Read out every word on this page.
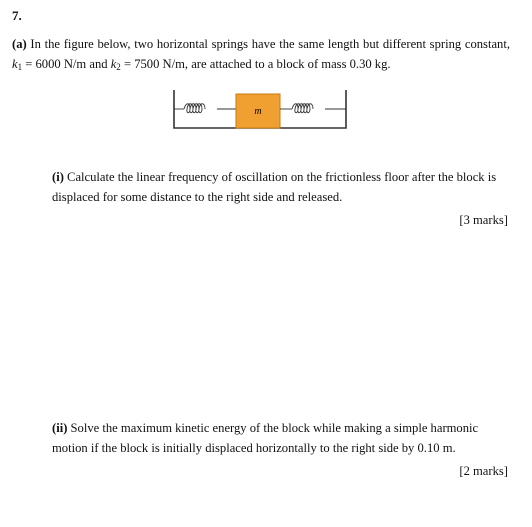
7.
(a) In the figure below, two horizontal springs have the same length but different spring constant, $k_1 = 6000$ N/m and $k_2 = 7500$ N/m, are attached to a block of mass 0.30 kg.
m
(i) Calculate the linear frequency of oscillation on the frictionless floor after the block is displaced for some distance to the right side and released.
[3 marks]
(ii) Solve the maximum kinetic energy of the block while making a simple harmonic motion if the block is initially displaced horizontally to the right side by 0.10 m.
[2 marks]
